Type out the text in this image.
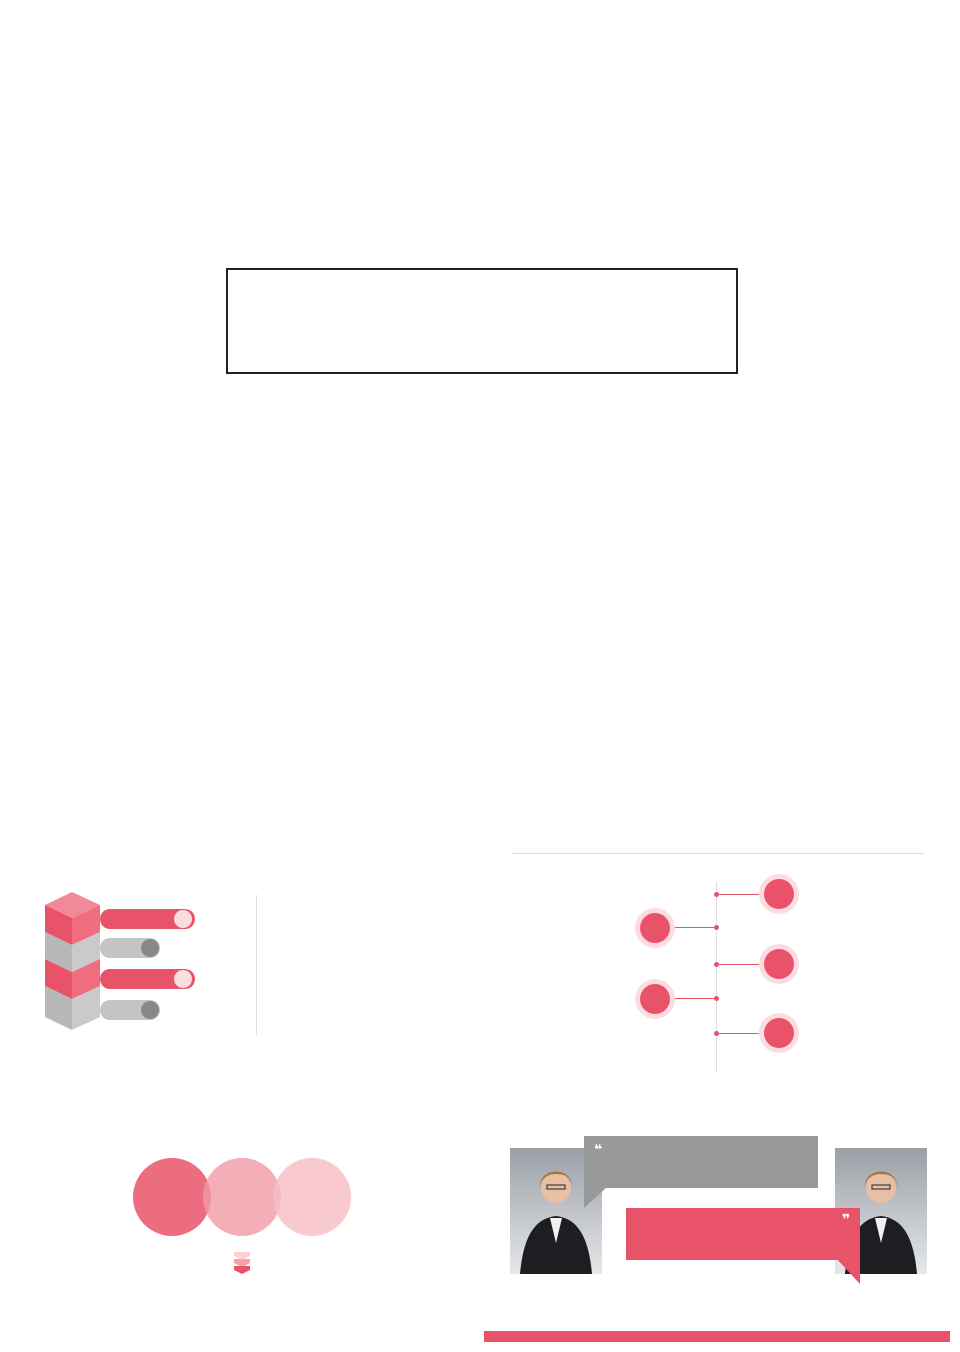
❝
❞
